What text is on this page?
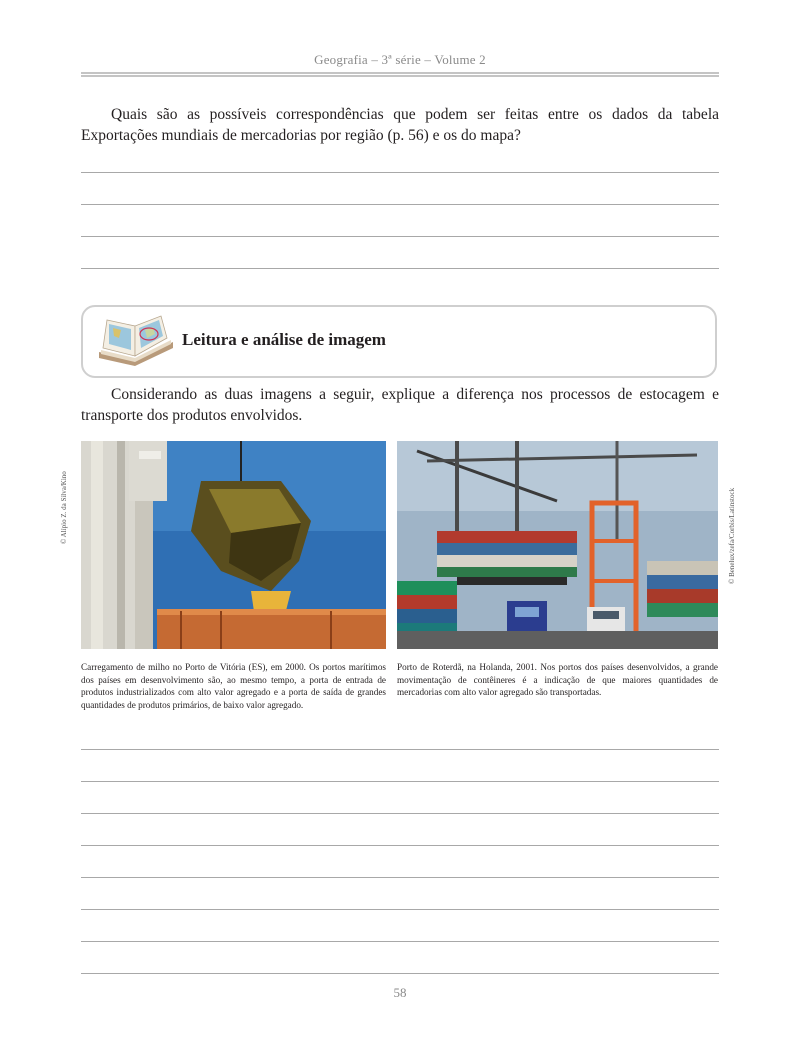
Geografia – 3ª série – Volume 2

Quais são as possíveis correspondências que podem ser feitas entre os dados da tabela Exportações mundiais de mercadorias por região (p. 56) e os do mapa?

Leitura e análise de imagem

Considerando as duas imagens a seguir, explique a diferença nos processos de estocagem e transporte dos produtos envolvidos.

© Alípio Z. da Silva/Kino	© Benelux/zefa/Corbis/Latinstock

Carregamento de milho no Porto de Vitória (ES), em 2000. Os portos marítimos dos países em desenvolvimento são, ao mesmo tempo, a porta de entrada de produtos industrializados com alto valor agregado e a porta de saída de grandes quantidades de produtos primários, de baixo valor agregado.

Porto de Roterdã, na Holanda, 2001. Nos portos dos países desenvolvidos, a grande movimentação de contêineres é a indicação de que maiores quantidades de mercadorias com alto valor agregado são transportadas.

58
